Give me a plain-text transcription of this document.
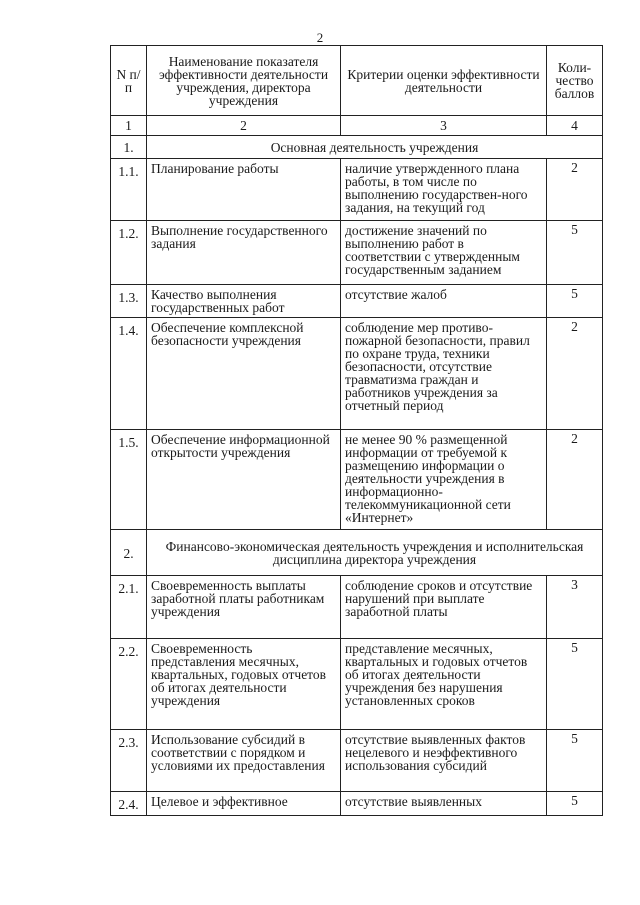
2
N п/п	Наименование показателя эффективности деятельности учреждения, директора учреждения	Критерии оценки эффективности деятельности	Коли-чество баллов
1	2	3	4
1.	Основная деятельность учреждения		
1.1.	Планирование работы	наличие утвержденного плана работы, в том числе по выполнению государствен-ного задания, на текущий год	2
1.2.	Выполнение государственного задания	достижение значений по выполнению работ в соответствии с утвержденным государственным заданием	5
1.3.	Качество выполнения государственных работ	отсутствие жалоб	5
1.4.	Обеспечение комплексной безопасности учреждения	соблюдение мер противо-пожарной безопасности, правил по охране труда, техники безопасности, отсутствие травматизма граждан и работников учреждения за отчетный период	2
1.5.	Обеспечение информационной открытости учреждения	не менее 90 % размещенной информации от требуемой к размещению информации о деятельности учреждения в информационно-телекоммуникационной сети «Интернет»	2
2.	Финансово-экономическая деятельность учреждения и исполнительская дисциплина директора учреждения		
2.1.	Своевременность выплаты заработной платы работникам учреждения	соблюдение сроков и отсутствие нарушений при выплате заработной платы	3
2.2.	Своевременность представления месячных, квартальных, годовых отчетов об итогах деятельности учреждения	представление месячных, квартальных и годовых отчетов об итогах деятельности учреждения без нарушения установленных сроков	5
2.3.	Использование субсидий в соответствии с порядком и условиями их предоставления	отсутствие выявленных фактов нецелевого и неэффективного использования субсидий	5
2.4.	Целевое и эффективное	отсутствие выявленных	5
